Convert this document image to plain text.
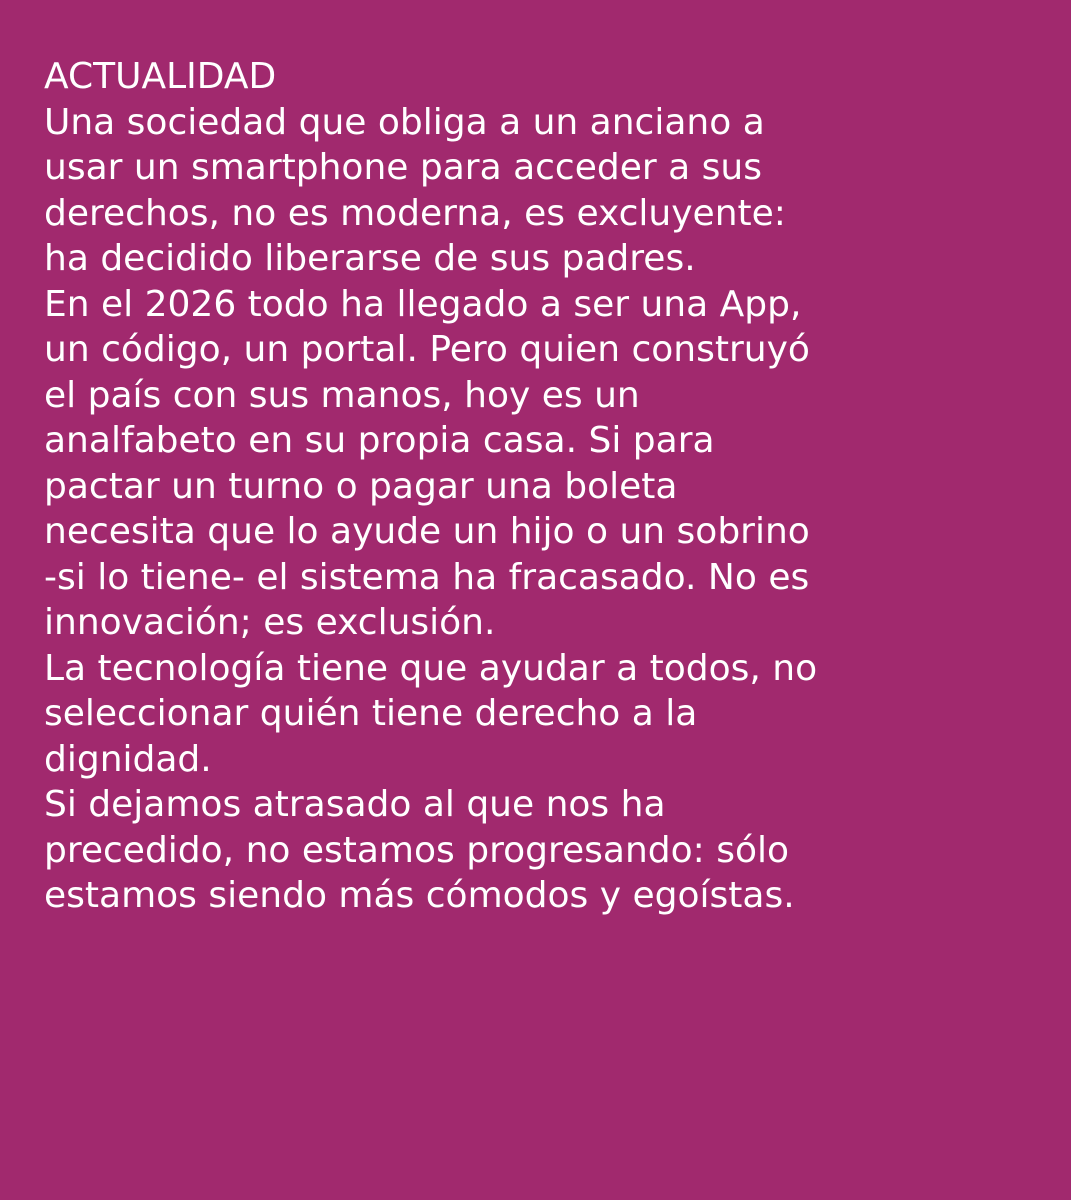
ACTUALIDAD

Una sociedad que obliga a un anciano a
usar un smartphone para acceder a sus
derechos, no es moderna, es excluyente:
ha decidido liberarse de sus padres.

En el 2026 todo ha llegado a ser una App,
un código, un portal. Pero quien construyó
el país con sus manos, hoy es un
analfabeto en su propia casa. Si para
pactar un turno o pagar una boleta
necesita que lo ayude un hijo o un sobrino
-si lo tiene- el sistema ha fracasado. No es
innovación; es exclusión.

La tecnología tiene que ayudar a todos, no
seleccionar quién tiene derecho a la
dignidad.

Si dejamos atrasado al que nos ha
precedido, no estamos progresando: sólo
estamos siendo más cómodos y egoístas.
